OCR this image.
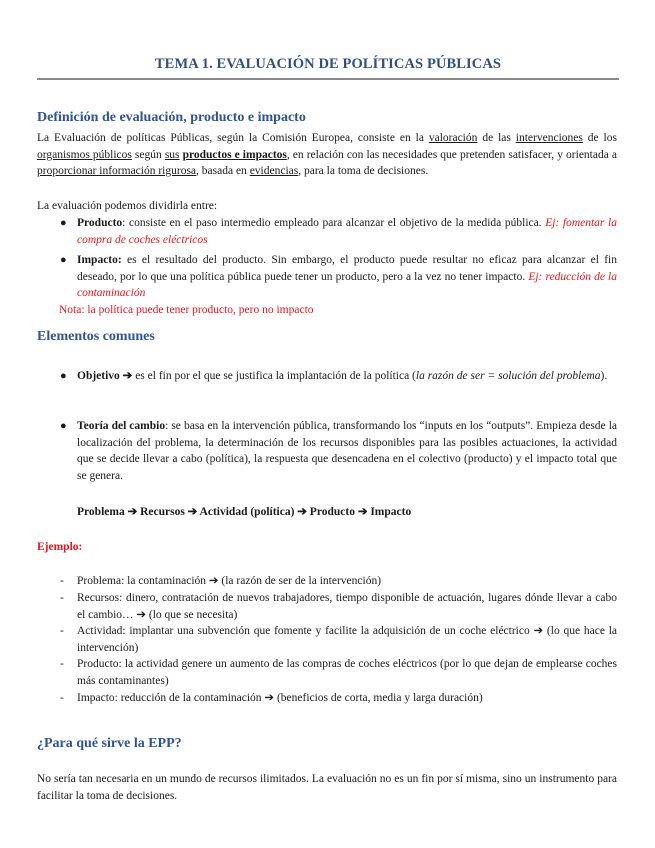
TEMA 1. EVALUACIÓN DE POLÍTICAS PÚBLICAS
Definición de evaluación, producto e impacto
La Evaluación de políticas Públicas, según la Comisión Europea, consiste en la valoración de las intervenciones de los organismos públicos según sus productos e impactos, en relación con las necesidades que pretenden satisfacer, y orientada a proporcionar información rigurosa, basada en evidencias, para la toma de decisiones.
La evaluación podemos dividirla entre:
● Producto: consiste en el paso intermedio empleado para alcanzar el objetivo de la medida pública. Ej: fomentar la compra de coches eléctricos
● Impacto: es el resultado del producto. Sin embargo, el producto puede resultar no eficaz para alcanzar el fin deseado, por lo que una política pública puede tener un producto, pero a la vez no tener impacto. Ej: reducción de la contaminación
Nota: la política puede tener producto, pero no impacto
Elementos comunes
● Objetivo ➔ es el fin por el que se justifica la implantación de la política (la razón de ser = solución del problema).
● Teoría del cambio: se basa en la intervención pública, transformando los “inputs en los “outputs”. Empieza desde la localización del problema, la determinación de los recursos disponibles para las posibles actuaciones, la actividad que se decide llevar a cabo (política), la respuesta que desencadena en el colectivo (producto) y el impacto total que se genera.
Problema ➔ Recursos ➔ Actividad (política) ➔ Producto ➔ Impacto
Ejemplo:
- Problema: la contaminación ➔ (la razón de ser de la intervención)
- Recursos: dinero, contratación de nuevos trabajadores, tiempo disponible de actuación, lugares dónde llevar a cabo el cambio… ➔ (lo que se necesita)
- Actividad: implantar una subvención que fomente y facilite la adquisición de un coche eléctrico ➔ (lo que hace la intervención)
- Producto: la actividad genere un aumento de las compras de coches eléctricos (por lo que dejan de emplearse coches más contaminantes)
- Impacto: reducción de la contaminación ➔ (beneficios de corta, media y larga duración)
¿Para qué sirve la EPP?
No sería tan necesaria en un mundo de recursos ilimitados. La evaluación no es un fin por sí misma, sino un instrumento para facilitar la toma de decisiones.
